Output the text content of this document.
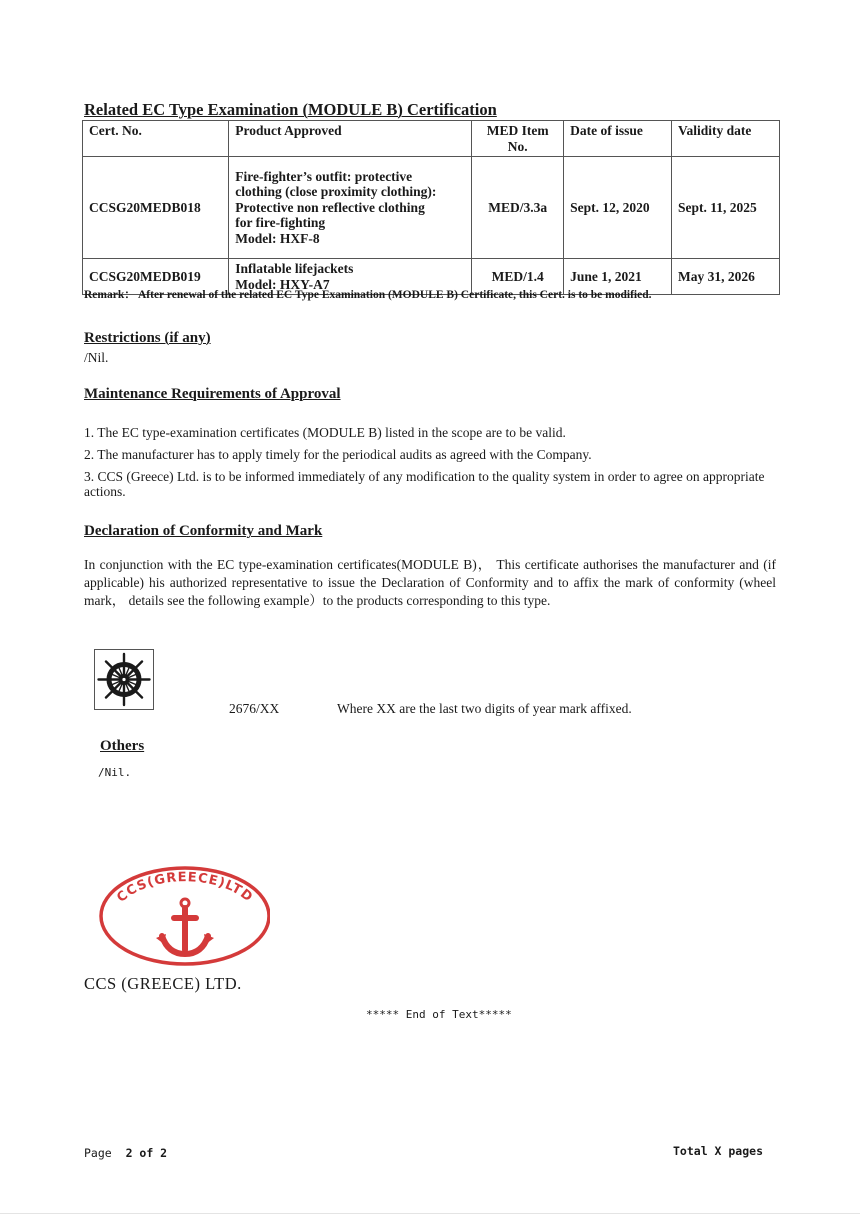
Related EC Type Examination (MODULE B) Certification
Cert. No.	Product Approved	MED Item No.	Date of issue	Validity date
CCSG20MEDB018	Fire-fighter’s outfit: protective
clothing (close proximity clothing):
Protective non reflective clothing
for fire-fighting
Model: HXF-8	MED/3.3a	Sept. 12, 2020	Sept. 11, 2025
CCSG20MEDB019	Inflatable lifejackets
Model: HXY-A7	MED/1.4	June 1, 2021	May 31, 2026
Remark： After renewal of the related EC Type Examination (MODULE B) Certificate, this Cert. is to be modified.
Restrictions (if any)
/Nil.
Maintenance Requirements of Approval
1. The EC type-examination certificates (MODULE B) listed in the scope are to be valid.
2. The manufacturer has to apply timely for the periodical audits as agreed with the Company.
3. CCS (Greece) Ltd. is to be informed immediately of any modification to the quality system in order to agree on appropriate actions.
Declaration of Conformity and Mark
In conjunction with the EC type-examination certificates(MODULE B)， This certificate authorises the manufacturer and (if applicable) his authorized representative to issue the Declaration of Conformity and to affix the mark of conformity (wheel mark， details see the following example）to the products corresponding to this type.
2676/XX	Where XX are the last two digits of year mark affixed.
Others
/Nil.
CCS(GREECE)LTD
CCS (GREECE) LTD.
***** End of Text*****
Page 2 of 2	Total X pages
